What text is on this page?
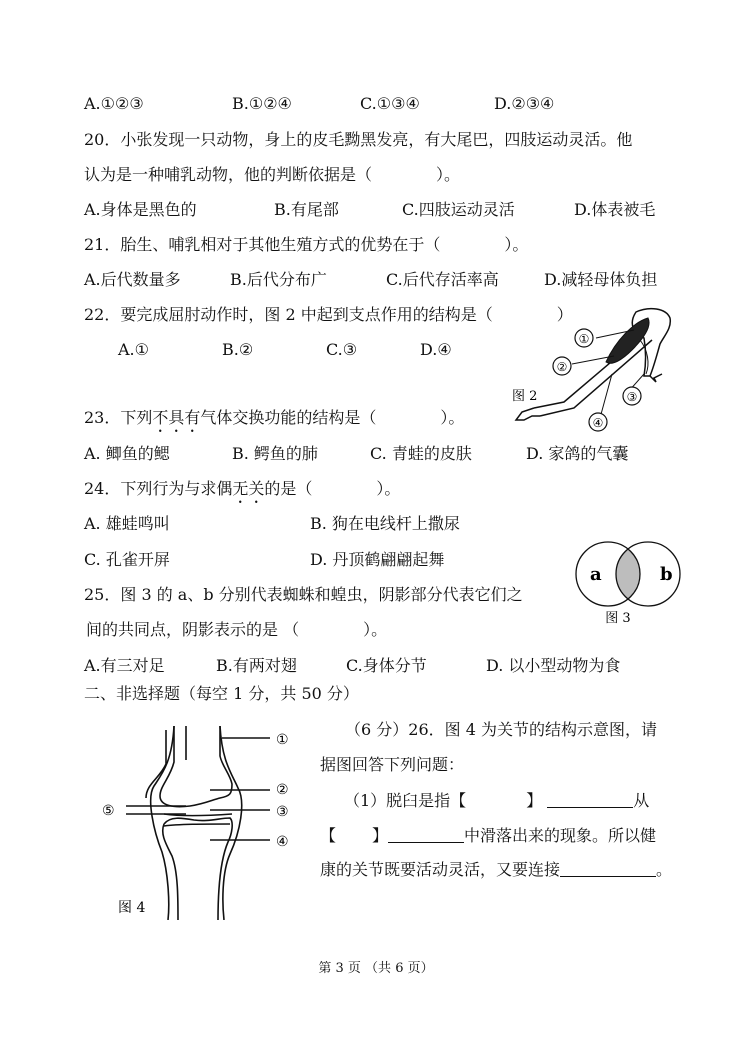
A.①②③	B.①②④	C.①③④	D.②③④
20．小张发现一只动物，身上的皮毛黝黑发亮，有大尾巴，四肢运动灵活。他
认为是一种哺乳动物，他的判断依据是（　　　　）。
A.身体是黑色的	B.有尾部	C.四肢运动灵活	D.体表被毛
21．胎生、哺乳相对于其他生殖方式的优势在于（　　　　）。
A.后代数量多	B.后代分布广	C.后代存活率高	D.减轻母体负担
22．要完成屈肘动作时，图 2 中起到支点作用的结构是（　　　　）
A.①	B.②	C.③	D.④
①
②
③
④
图 2
23．下列不具有气体交换功能的结构是（　　　　）。
A. 鲫鱼的鳃	B. 鳄鱼的肺	C. 青蛙的皮肤	D. 家鸽的气囊
24．下列行为与求偶无关的是（　　　　）。
A. 雄蛙鸣叫	B. 狗在电线杆上撒尿
C. 孔雀开屏	D. 丹顶鹤翩翩起舞
a	b
图 3
25．图 3 的 a、b 分别代表蜘蛛和蝗虫，阴影部分代表它们之
间的共同点，阴影表示的是 （　　　　）。
A.有三对足	B.有两对翅	C.身体分节	D. 以小型动物为食
二、非选择题（每空 1 分，共 50 分）
①
②
③
④
⑤
图 4
（6 分）26．图 4 为关节的结构示意图，请
据图回答下列问题：
（1）脱臼是指【	】	从
【 】	中滑落出来的现象。所以健
康的关节既要活动灵活，又要连接	。
第 3 页 （共 6 页）
